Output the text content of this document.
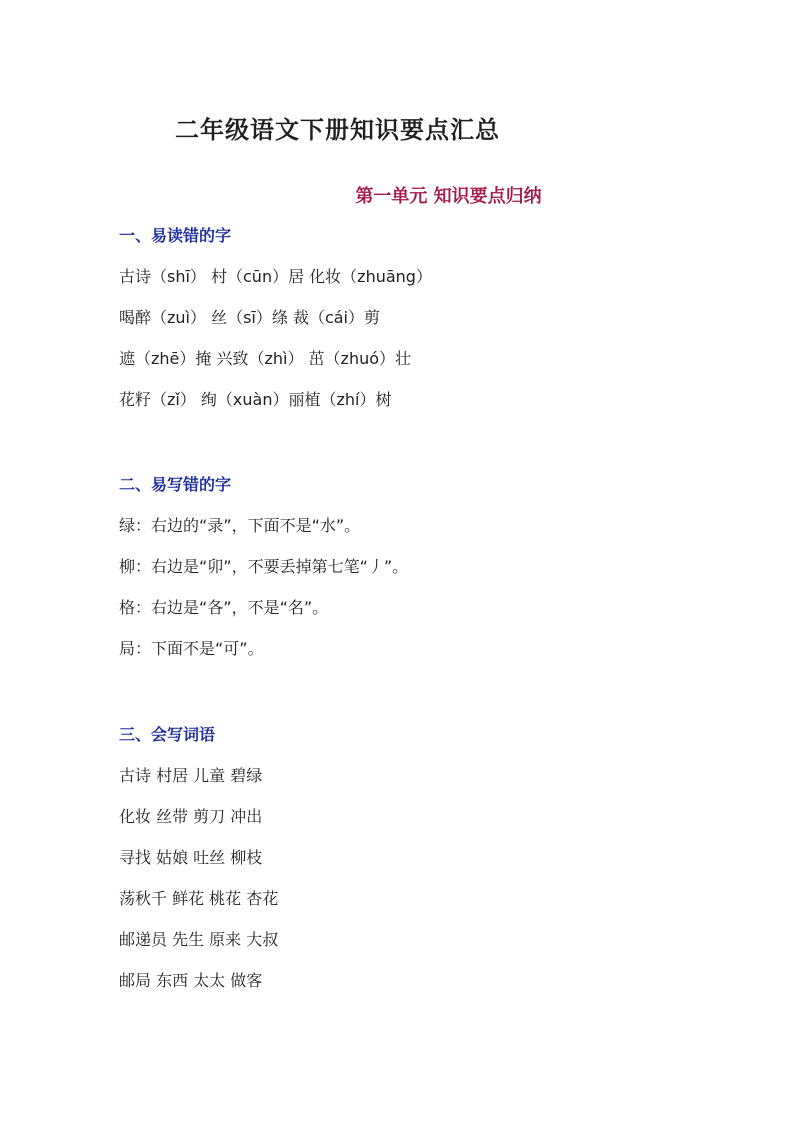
二年级语文下册知识要点汇总
第一单元 知识要点归纳
一、易读错的字
古诗（shī） 村（cūn）居 化妆（zhuāng）
喝醉（zuì） 丝（sī）绦 裁（cái）剪
遮（zhē）掩 兴致（zhì） 茁（zhuó）壮
花籽（zǐ） 绚（xuàn）丽植（zhí）树
二、易写错的字
绿：右边的“录”，下面不是“水”。
柳：右边是“卯”，不要丢掉第七笔“丿”。
格：右边是“各”，不是“名”。
局：下面不是“可”。
三、会写词语
古诗 村居 儿童 碧绿
化妆 丝带 剪刀 冲出
寻找 姑娘 吐丝 柳枝
荡秋千 鲜花 桃花 杏花
邮递员 先生 原来 大叔
邮局 东西 太太 做客
